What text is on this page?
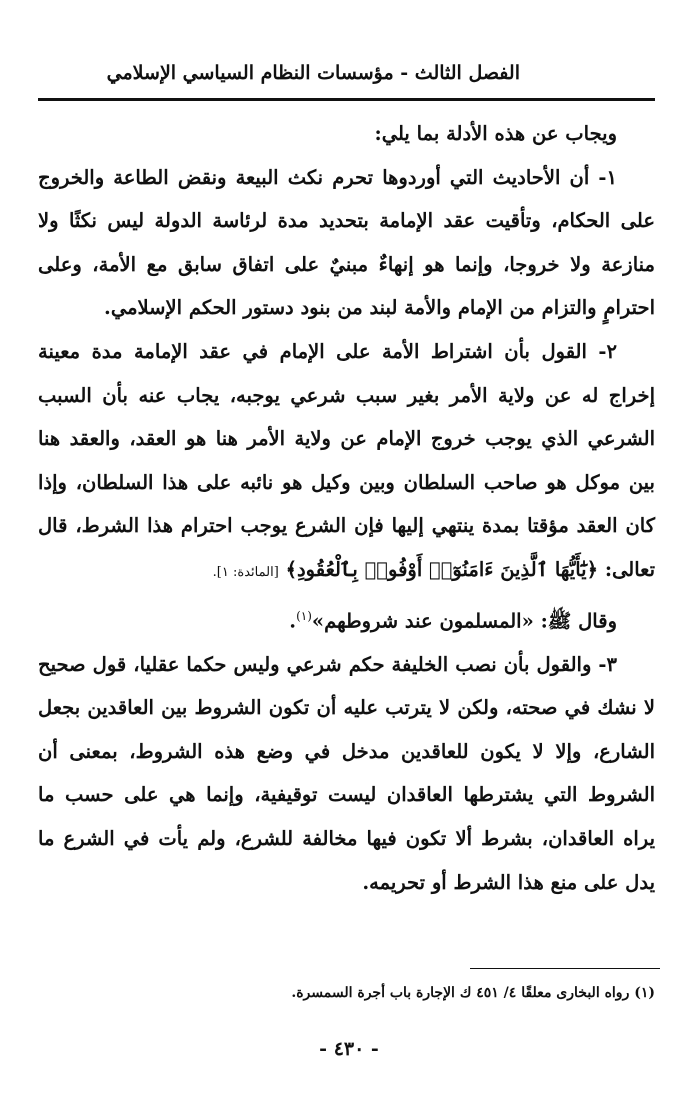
الفصل الثالث - مؤسسات النظام السياسي الإسلامي

ويجاب عن هذه الأدلة بما يلي:

١- أن الأحاديث التي أوردوها تحرم نكث البيعة ونقض الطاعة والخروج على الحكام، وتأقيت عقد الإمامة بتحديد مدة لرئاسة الدولة ليس نكثًا ولا منازعة ولا خروجا، وإنما هو إنهاءٌ مبنيٌ على اتفاق سابق مع الأمة، وعلى احترامٍ والتزام من الإمام والأمة لبند من بنود دستور الحكم الإسلامي.

٢- القول بأن اشتراط الأمة على الإمام في عقد الإمامة مدة معينة إخراج له عن ولاية الأمر بغير سبب شرعي يوجبه، يجاب عنه بأن السبب الشرعي الذي يوجب خروج الإمام عن ولاية الأمر هنا هو العقد، والعقد هنا بين موكل هو صاحب السلطان وبين وكيل هو نائبه على هذا السلطان، وإذا كان العقد مؤقتا بمدة ينتهي إليها فإن الشرع يوجب احترام هذا الشرط، قال تعالى: ﴿يَٰٓأَيُّهَا ٱلَّذِينَ ءَامَنُوٓا۟ أَوْفُوا۟ بِٱلْعُقُودِ﴾ [المائدة: ١].

وقال ﷺ: «المسلمون عند شروطهم»$^{(١)}$.

٣- والقول بأن نصب الخليفة حكم شرعي وليس حكما عقليا، قول صحيح لا نشك في صحته، ولكن لا يترتب عليه أن تكون الشروط بين العاقدين بجعل الشارع، وإلا لا يكون للعاقدين مدخل في وضع هذه الشروط، بمعنى أن الشروط التي يشترطها العاقدان ليست توقيفية، وإنما هي على حسب ما يراه العاقدان، بشرط ألا تكون فيها مخالفة للشرع، ولم يأت في الشرع ما يدل على منع هذا الشرط أو تحريمه.

(١) رواه البخارى معلقًا ٤/ ٤٥١ ك الإجارة باب أجرة السمسرة.
- ٤٣٠ -
